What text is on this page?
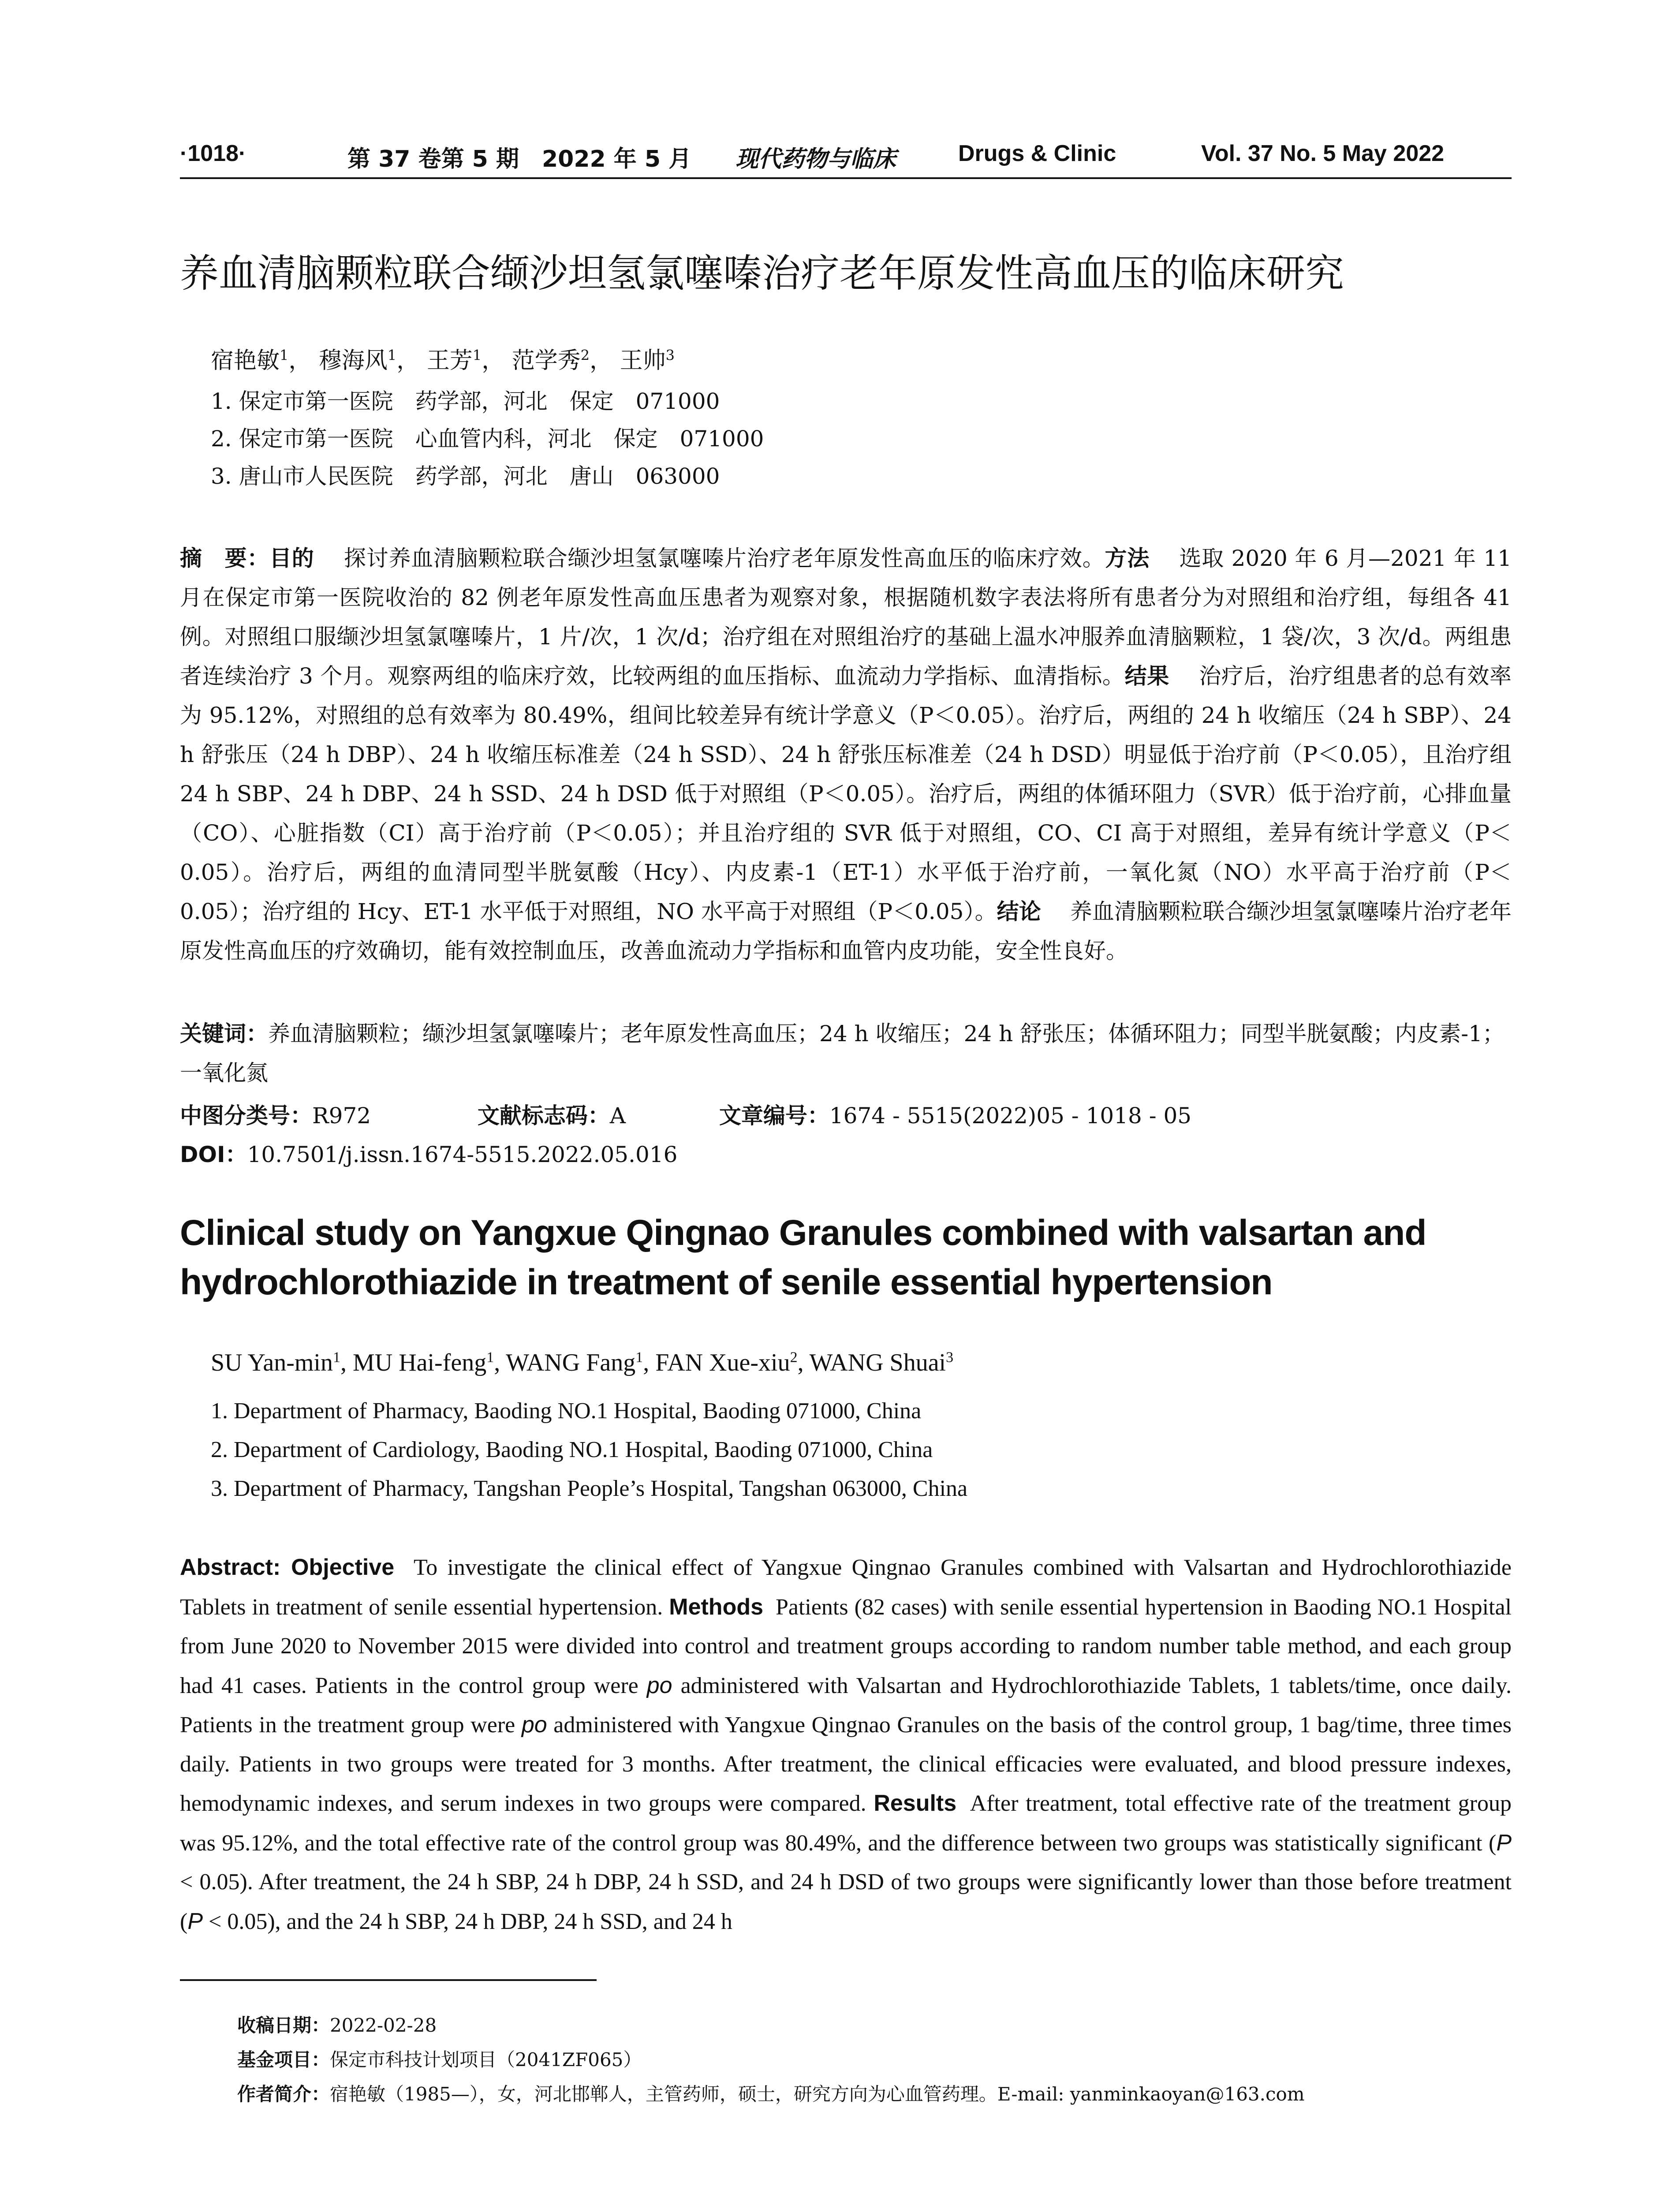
·1018·	第 37 卷第 5 期　2022 年 5 月 现代药物与临床	Drugs & Clinic	Vol. 37 No. 5 May 2022
养血清脑颗粒联合缬沙坦氢氯噻嗪治疗老年原发性高血压的临床研究
宿艳敏$^1$， 穆海风$^1$， 王芳$^1$， 范学秀$^2$， 王帅$^3$
1. 保定市第一医院　药学部，河北　保定　071000
2. 保定市第一医院　心血管内科，河北　保定　071000
3. 唐山市人民医院　药学部，河北　唐山　063000
摘　要：目的　 探讨养血清脑颗粒联合缬沙坦氢氯噻嗪片治疗老年原发性高血压的临床疗效。方法　 选取 2020 年 6 月—2021 年 11 月在保定市第一医院收治的 82 例老年原发性高血压患者为观察对象，根据随机数字表法将所有患者分为对照组和治疗组，每组各 41 例。对照组口服缬沙坦氢氯噻嗪片，1 片/次，1 次/d；治疗组在对照组治疗的基础上温水冲服养血清脑颗粒，1 袋/次，3 次/d。两组患者连续治疗 3 个月。观察两组的临床疗效，比较两组的血压指标、血流动力学指标、血清指标。结果　 治疗后，治疗组患者的总有效率为 95.12%，对照组的总有效率为 80.49%，组间比较差异有统计学意义（P＜0.05）。治疗后，两组的 24 h 收缩压（24 h SBP）、24 h 舒张压（24 h DBP）、24 h 收缩压标准差（24 h SSD）、24 h 舒张压标准差（24 h DSD）明显低于治疗前（P＜0.05），且治疗组 24 h SBP、24 h DBP、24 h SSD、24 h DSD 低于对照组（P＜0.05）。治疗后，两组的体循环阻力（SVR）低于治疗前，心排血量（CO）、心脏指数（CI）高于治疗前（P＜0.05）；并且治疗组的 SVR 低于对照组，CO、CI 高于对照组，差异有统计学意义（P＜0.05）。治疗后，两组的血清同型半胱氨酸（Hcy）、内皮素-1（ET-1）水平低于治疗前，一氧化氮（NO）水平高于治疗前（P＜0.05）；治疗组的 Hcy、ET-1 水平低于对照组，NO 水平高于对照组（P＜0.05）。结论　 养血清脑颗粒联合缬沙坦氢氯噻嗪片治疗老年原发性高血压的疗效确切，能有效控制血压，改善血流动力学指标和血管内皮功能，安全性良好。
关键词：养血清脑颗粒；缬沙坦氢氯噻嗪片；老年原发性高血压；24 h 收缩压；24 h 舒张压；体循环阻力；同型半胱氨酸；内皮素-1；一氧化氮
中图分类号：R972	文献标志码：A	文章编号：1674 - 5515(2022)05 - 1018 - 05
DOI：10.7501/j.issn.1674-5515.2022.05.016
Clinical study on Yangxue Qingnao Granules combined with valsartan and
hydrochlorothiazide in treatment of senile essential hypertension
SU Yan-$\min^1$, MU Hai-feng$^1$, WANG Fang$^1$, FAN Xue-xiu$^2$, WANG Shuai$^3$
1. Department of Pharmacy, Baoding NO.1 Hospital, Baoding 071000, China
2. Department of Cardiology, Baoding NO.1 Hospital, Baoding 071000, China
3. Department of Pharmacy, Tangshan People’s Hospital, Tangshan 063000, China
Abstract: Objective To investigate the clinical effect of Yangxue Qingnao Granules combined with Valsartan and Hydrochlorothiazide Tablets in treatment of senile essential hypertension. Methods Patients (82 cases) with senile essential hypertension in Baoding NO.1 Hospital from June 2020 to November 2015 were divided into control and treatment groups according to random number table method, and each group had 41 cases. Patients in the control group were po administered with Valsartan and Hydrochlorothiazide Tablets, 1 tablets/time, once daily. Patients in the treatment group were po administered with Yangxue Qingnao Granules on the basis of the control group, 1 bag/time, three times daily. Patients in two groups were treated for 3 months. After treatment, the clinical efficacies were evaluated, and blood pressure indexes, hemodynamic indexes, and serum indexes in two groups were compared. Results After treatment, total effective rate of the treatment group was 95.12%, and the total effective rate of the control group was 80.49%, and the difference between two groups was statistically significant (P < 0.05). After treatment, the 24 h SBP, 24 h DBP, 24 h SSD, and 24 h DSD of two groups were significantly lower than those before treatment (P < 0.05), and the 24 h SBP, 24 h DBP, 24 h SSD, and 24 h
收稿日期：2022-02-28
基金项目：保定市科技计划项目（2041ZF065）
作者简介：宿艳敏（1985—），女，河北邯郸人，主管药师，硕士，研究方向为心血管药理。E-mail: yanminkaoyan@163.com
